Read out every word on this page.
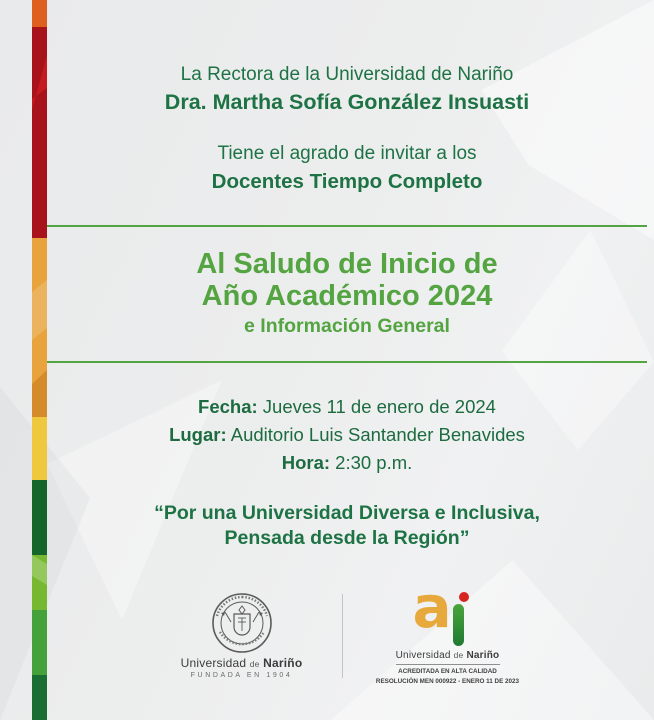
La Rectora de la Universidad de Nariño
Dra. Martha Sofía González Insuasti
Tiene el agrado de invitar a los
Docentes Tiempo Completo
Al Saludo de Inicio de
Año Académico 2024
e Información General
Fecha: Jueves 11 de enero de 2024
Lugar: Auditorio Luis Santander Benavides
Hora: 2:30 p.m.
“Por una Universidad Diversa e Inclusiva,
Pensada desde la Región”
Universidad de Nariño
FUNDADA EN 1904
a
Universidad de Nariño
ACREDITADA EN ALTA CALIDAD
RESOLUCIÓN MEN 000922 - ENERO 11 DE 2023
